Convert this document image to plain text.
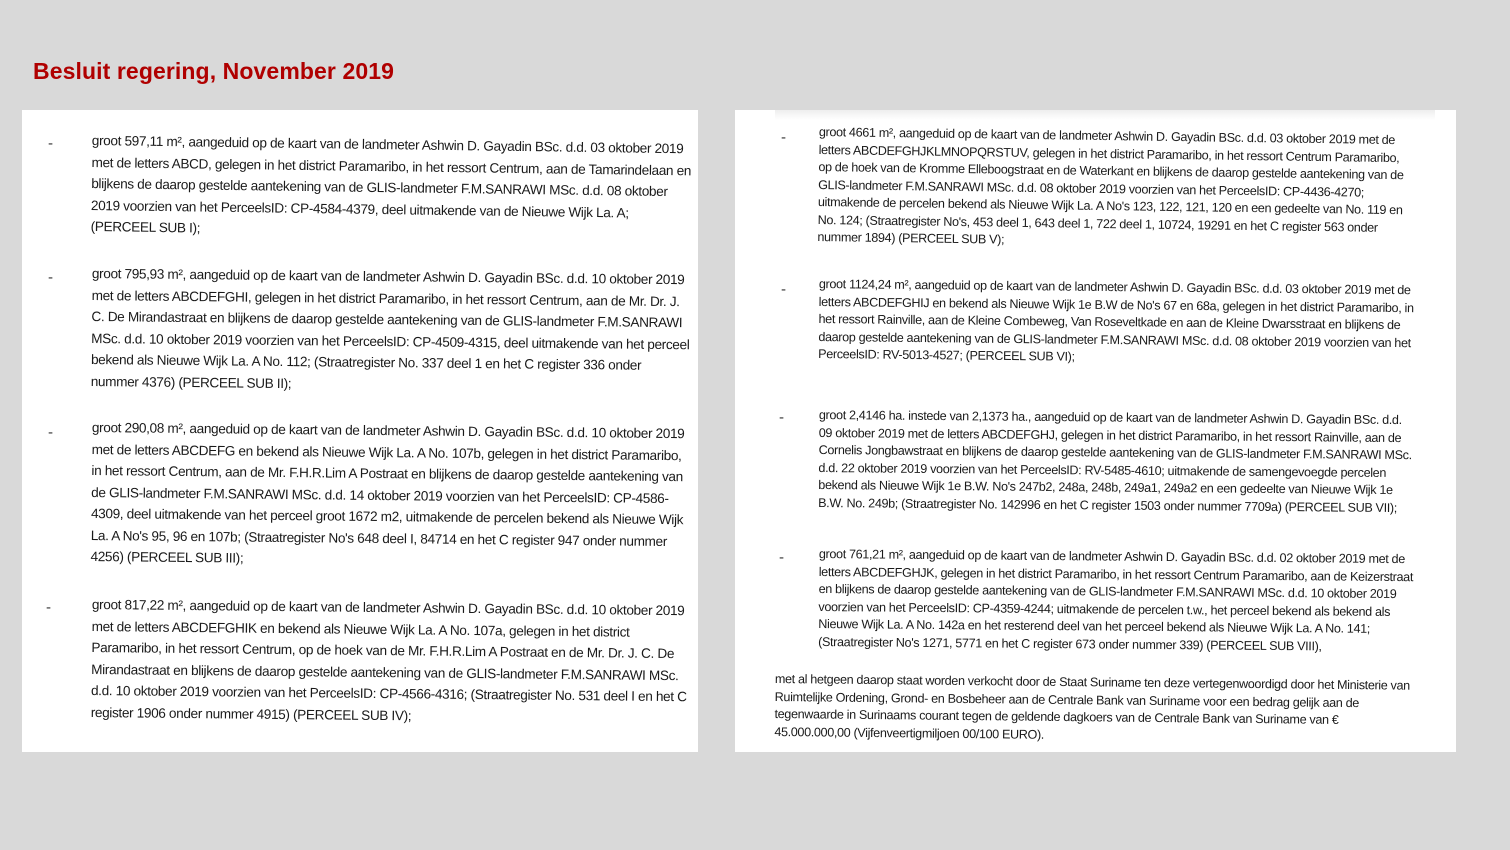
Besluit regering, November 2019
-	groot 597,11 m², aangeduid op de kaart van de landmeter Ashwin D. Gayadin BSc. d.d. 03 oktober 2019 met de letters ABCD, gelegen in het district Paramaribo, in het ressort Centrum, aan de Tamarindelaan en blijkens de daarop gestelde aantekening van de GLIS-landmeter F.M.SANRAWI MSc. d.d. 08 oktober 2019 voorzien van het PerceelsID: CP-4584-4379, deel uitmakende van de Nieuwe Wijk La. A; (PERCEEL SUB I);
-	groot 795,93 m², aangeduid op de kaart van de landmeter Ashwin D. Gayadin BSc. d.d. 10 oktober 2019 met de letters ABCDEFGHI, gelegen in het district Paramaribo, in het ressort Centrum, aan de Mr. Dr. J. C. De Mirandastraat en blijkens de daarop gestelde aantekening van de GLIS-landmeter F.M.SANRAWI MSc. d.d. 10 oktober 2019 voorzien van het PerceelsID: CP-4509-4315, deel uitmakende van het perceel bekend als Nieuwe Wijk La. A No. 112; (Straatregister No. 337 deel 1 en het C register 336 onder nummer 4376) (PERCEEL SUB II);
-	groot 290,08 m², aangeduid op de kaart van de landmeter Ashwin D. Gayadin BSc. d.d. 10 oktober 2019 met de letters ABCDEFG en bekend als Nieuwe Wijk La. A No. 107b, gelegen in het district Paramaribo, in het ressort Centrum, aan de Mr. F.H.R.Lim A Postraat en blijkens de daarop gestelde aantekening van de GLIS-landmeter F.M.SANRAWI MSc. d.d. 14 oktober 2019 voorzien van het PerceelsID: CP-4586-4309, deel uitmakende van het perceel groot 1672 m2, uitmakende de percelen bekend als Nieuwe Wijk La. A No's 95, 96 en 107b; (Straatregister No's 648 deel I, 84714 en het C register 947 onder nummer 4256) (PERCEEL SUB III);
-	groot 817,22 m², aangeduid op de kaart van de landmeter Ashwin D. Gayadin BSc. d.d. 10 oktober 2019 met de letters ABCDEFGHIK en bekend als Nieuwe Wijk La. A No. 107a, gelegen in het district Paramaribo, in het ressort Centrum, op de hoek van de Mr. F.H.R.Lim A Postraat en de Mr. Dr. J. C. De Mirandastraat en blijkens de daarop gestelde aantekening van de GLIS-landmeter F.M.SANRAWI MSc. d.d. 10 oktober 2019 voorzien van het PerceelsID: CP-4566-4316; (Straatregister No. 531 deel I en het C register 1906 onder nummer 4915) (PERCEEL SUB IV);
-	groot 4661 m², aangeduid op de kaart van de landmeter Ashwin D. Gayadin BSc. d.d. 03 oktober 2019 met de letters ABCDEFGHJKLMNOPQRSTUV, gelegen in het district Paramaribo, in het ressort Centrum Paramaribo, op de hoek van de Kromme Elleboogstraat en de Waterkant en blijkens de daarop gestelde aantekening van de GLIS-landmeter F.M.SANRAWI MSc. d.d. 08 oktober 2019 voorzien van het PerceelsID: CP-4436-4270; uitmakende de percelen bekend als Nieuwe Wijk La. A No's 123, 122, 121, 120 en een gedeelte van No. 119 en No. 124; (Straatregister No's, 453 deel 1, 643 deel 1, 722 deel 1, 10724, 19291 en het C register 563 onder nummer 1894) (PERCEEL SUB V);
-	groot 1124,24 m², aangeduid op de kaart van de landmeter Ashwin D. Gayadin BSc. d.d. 03 oktober 2019 met de letters ABCDEFGHIJ en bekend als Nieuwe Wijk 1e B.W de No's 67 en 68a, gelegen in het district Paramaribo, in het ressort Rainville, aan de Kleine Combeweg, Van Roseveltkade en aan de Kleine Dwarsstraat en blijkens de daarop gestelde aantekening van de GLIS-landmeter F.M.SANRAWI MSc. d.d. 08 oktober 2019 voorzien van het PerceelsID: RV-5013-4527; (PERCEEL SUB VI);
-	groot 2,4146 ha. instede van 2,1373 ha., aangeduid op de kaart van de landmeter Ashwin D. Gayadin BSc. d.d. 09 oktober 2019 met de letters ABCDEFGHJ, gelegen in het district Paramaribo, in het ressort Rainville, aan de Cornelis Jongbawstraat en blijkens de daarop gestelde aantekening van de GLIS-landmeter F.M.SANRAWI MSc. d.d. 22 oktober 2019 voorzien van het PerceelsID: RV-5485-4610; uitmakende de samengevoegde percelen bekend als Nieuwe Wijk 1e B.W. No's 247b2, 248a, 248b, 249a1, 249a2 en een gedeelte van Nieuwe Wijk 1e B.W. No. 249b; (Straatregister No. 142996 en het C register 1503 onder nummer 7709a) (PERCEEL SUB VII);
-	groot 761,21 m², aangeduid op de kaart van de landmeter Ashwin D. Gayadin BSc. d.d. 02 oktober 2019 met de letters ABCDEFGHJK, gelegen in het district Paramaribo, in het ressort Centrum Paramaribo, aan de Keizerstraat en blijkens de daarop gestelde aantekening van de GLIS-landmeter F.M.SANRAWI MSc. d.d. 10 oktober 2019 voorzien van het PerceelsID: CP-4359-4244; uitmakende de percelen t.w., het perceel bekend als bekend als Nieuwe Wijk La. A No. 142a en het resterend deel van het perceel bekend als Nieuwe Wijk La. A No. 141; (Straatregister No's 1271, 5771 en het C register 673 onder nummer 339) (PERCEEL SUB VIII),
met al hetgeen daarop staat worden verkocht door de Staat Suriname ten deze vertegenwoordigd door het Ministerie van Ruimtelijke Ordening, Grond- en Bosbeheer aan de Centrale Bank van Suriname voor een bedrag gelijk aan de tegenwaarde in Surinaams courant tegen de geldende dagkoers van de Centrale Bank van Suriname van € 45.000.000,00 (Vijfenveertigmiljoen 00/100 EURO).
